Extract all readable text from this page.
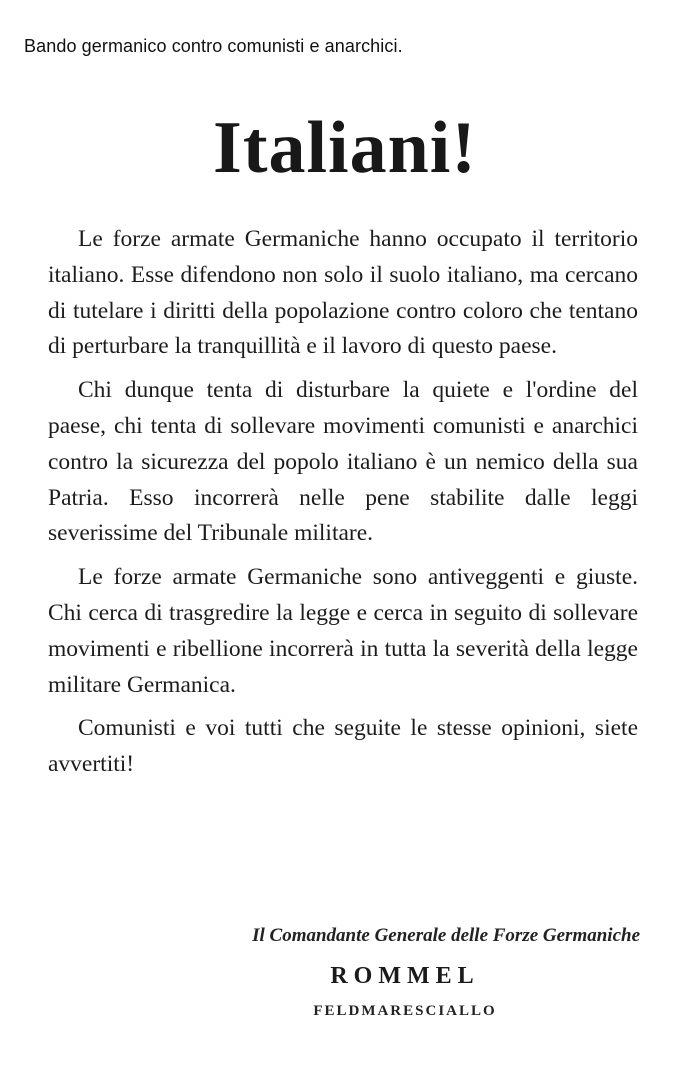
Bando germanico contro comunisti e anarchici.
Italiani!

Le forze armate Germaniche hanno occupato il territorio italiano. Esse difendono non solo il suolo italiano, ma cercano di tutelare i diritti della popolazione contro coloro che tentano di perturbare la tranquillità e il lavoro di questo paese.

Chi dunque tenta di disturbare la quiete e l'ordine del paese, chi tenta di sollevare movimenti comunisti e anarchici contro la sicurezza del popolo italiano è un nemico della sua Patria. Esso incorrerà nelle pene stabilite dalle leggi severissime del Tribunale militare.

Le forze armate Germaniche sono antiveggenti e giuste. Chi cerca di trasgredire la legge e cerca in seguito di sollevare movimenti e ribellione incorrerà in tutta la severità della legge militare Germanica.

Comunisti e voi tutti che seguite le stesse opinioni, siete avvertiti!

Il Comandante Generale delle Forze Germaniche
ROMMEL
FELDMARESCIALLO
